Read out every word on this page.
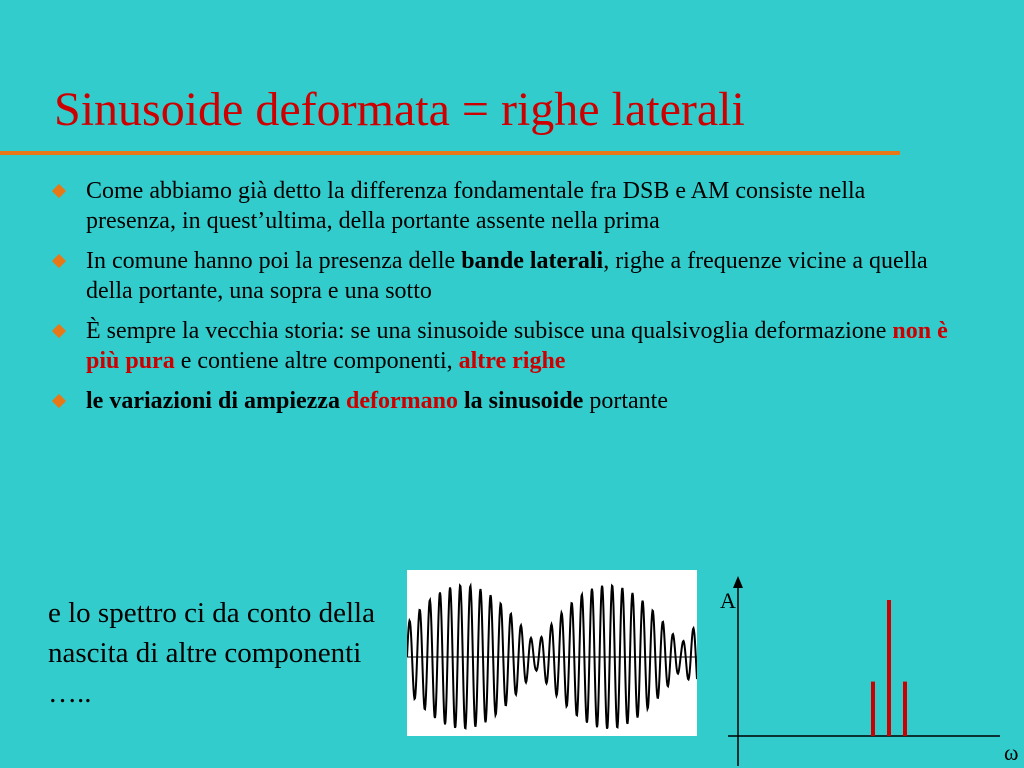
Sinusoide deformata = righe laterali
Come abbiamo già detto la differenza fondamentale fra DSB e AM consiste nella presenza, in quest’ultima, della portante assente nella prima
In comune hanno poi la presenza delle bande laterali, righe a frequenze vicine a quella della portante, una sopra e una sotto
È sempre la vecchia storia: se una sinusoide subisce una qualsivoglia deformazione non è più pura e contiene altre componenti, altre righe
le variazioni di ampiezza deformano la sinusoide portante
e lo spettro ci da conto della nascita di altre componenti …..
A
ω
